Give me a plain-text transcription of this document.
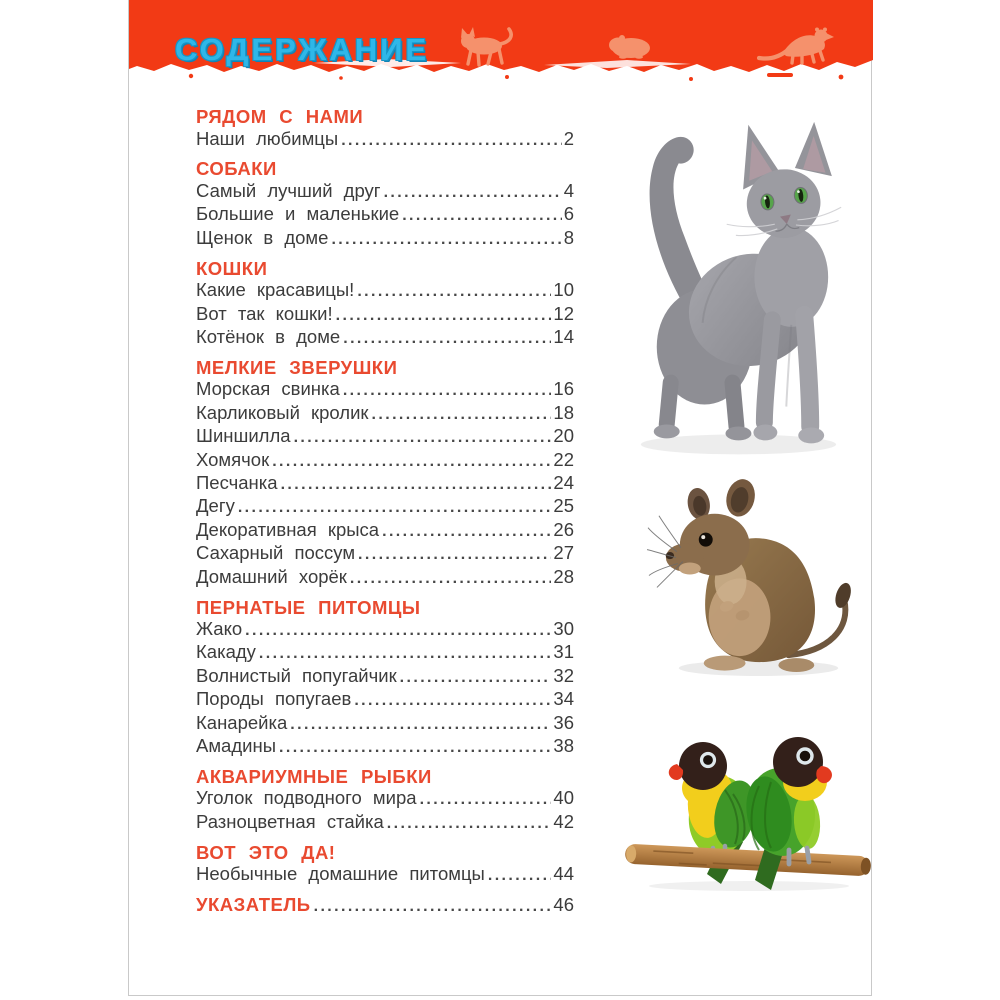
СОДЕРЖАНИЕ
РЯДОМ С НАМИ
Наши любимцы .....	2
СОБАКИ
Самый лучший друг .....	4
Большие и маленькие .....	6
Щенок в доме .....	8
КОШКИ
Какие красавицы! .....	10
Вот так кошки! .....	12
Котёнок в доме .....	14
МЕЛКИЕ ЗВЕРУШКИ
Морская свинка .....	16
Карликовый кролик .....	18
Шиншилла .....	20
Хомячок .....	22
Песчанка .....	24
Дегу .....	25
Декоративная крыса .....	26
Сахарный поссум .....	27
Домашний хорёк .....	28
ПЕРНАТЫЕ ПИТОМЦЫ
Жако .....	30
Какаду .....	31
Волнистый попугайчик .....	32
Породы попугаев .....	34
Канарейка .....	36
Амадины .....	38
АКВАРИУМНЫЕ РЫБКИ
Уголок подводного мира .....	40
Разноцветная стайка .....	42
ВОТ ЭТО ДА!
Необычные домашние питомцы .....	44
УКАЗАТЕЛЬ .....	46
